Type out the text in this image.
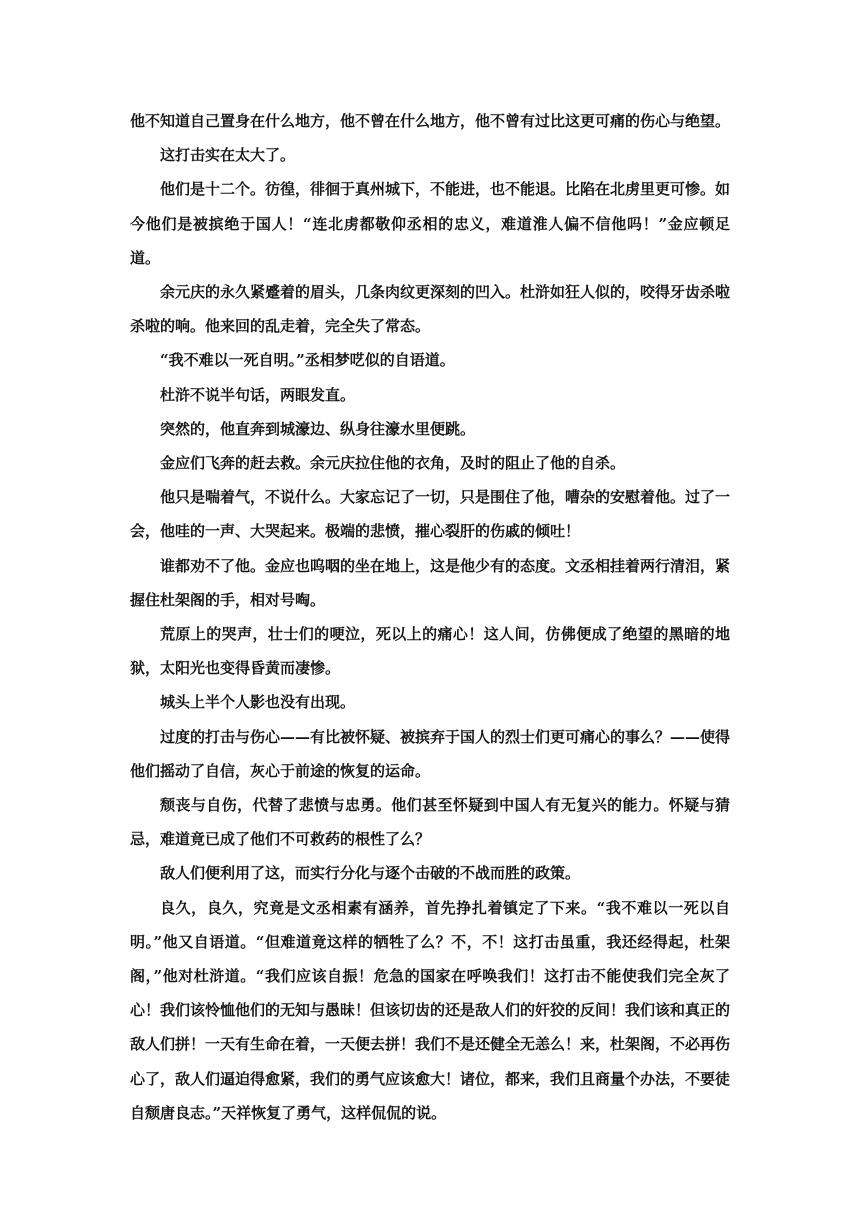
他不知道自己置身在什么地方，他不曾在什么地方，他不曾有过比这更可痛的伤心与绝望。

这打击实在太大了。

他们是十二个。彷徨，徘徊于真州城下，不能进，也不能退。比陷在北虏里更可惨。如今他们是被摈绝于国人！“连北虏都敬仰丞相的忠义，难道淮人偏不信他吗！”金应顿足道。

余元庆的永久紧蹙着的眉头，几条肉纹更深刻的凹入。杜浒如狂人似的，咬得牙齿杀啦杀啦的响。他来回的乱走着，完全失了常态。

“我不难以一死自明。”丞相梦呓似的自语道。

杜浒不说半句话，两眼发直。

突然的，他直奔到城濠边、纵身往濠水里便跳。

金应们飞奔的赶去救。余元庆拉住他的衣角，及时的阻止了他的自杀。

他只是喘着气，不说什么。大家忘记了一切，只是围住了他，嘈杂的安慰着他。过了一会，他哇的一声、大哭起来。极端的悲愤，摧心裂肝的伤戚的倾吐！

谁都劝不了他。金应也呜咽的坐在地上，这是他少有的态度。文丞相挂着两行清泪，紧握住杜架阁的手，相对号啕。

荒原上的哭声，壮士们的哽泣，死以上的痛心！这人间，仿佛便成了绝望的黑暗的地狱，太阳光也变得昏黄而凄惨。

城头上半个人影也没有出现。

过度的打击与伤心——有比被怀疑、被摈弃于国人的烈士们更可痛心的事么？——使得他们摇动了自信，灰心于前途的恢复的运命。

颓丧与自伤，代替了悲愤与忠勇。他们甚至怀疑到中国人有无复兴的能力。怀疑与猜忌，难道竟已成了他们不可救药的根性了么？

敌人们便利用了这，而实行分化与逐个击破的不战而胜的政策。

良久，良久，究竟是文丞相素有涵养，首先挣扎着镇定了下来。“我不难以一死以自明。”他又自语道。“但难道竟这样的牺牲了么？不，不！这打击虽重，我还经得起，杜架阁，”他对杜浒道。“我们应该自振！危急的国家在呼唤我们！这打击不能使我们完全灰了心！我们该怜恤他们的无知与愚昧！但该切齿的还是敌人们的奸狡的反间！我们该和真正的敌人们拼！一天有生命在着，一天便去拼！我们不是还健全无恙么！来，杜架阁，不必再伤心了，敌人们逼迫得愈紧，我们的勇气应该愈大！诸位，都来，我们且商量个办法，不要徒自颓唐良志。”天祥恢复了勇气，这样侃侃的说。
